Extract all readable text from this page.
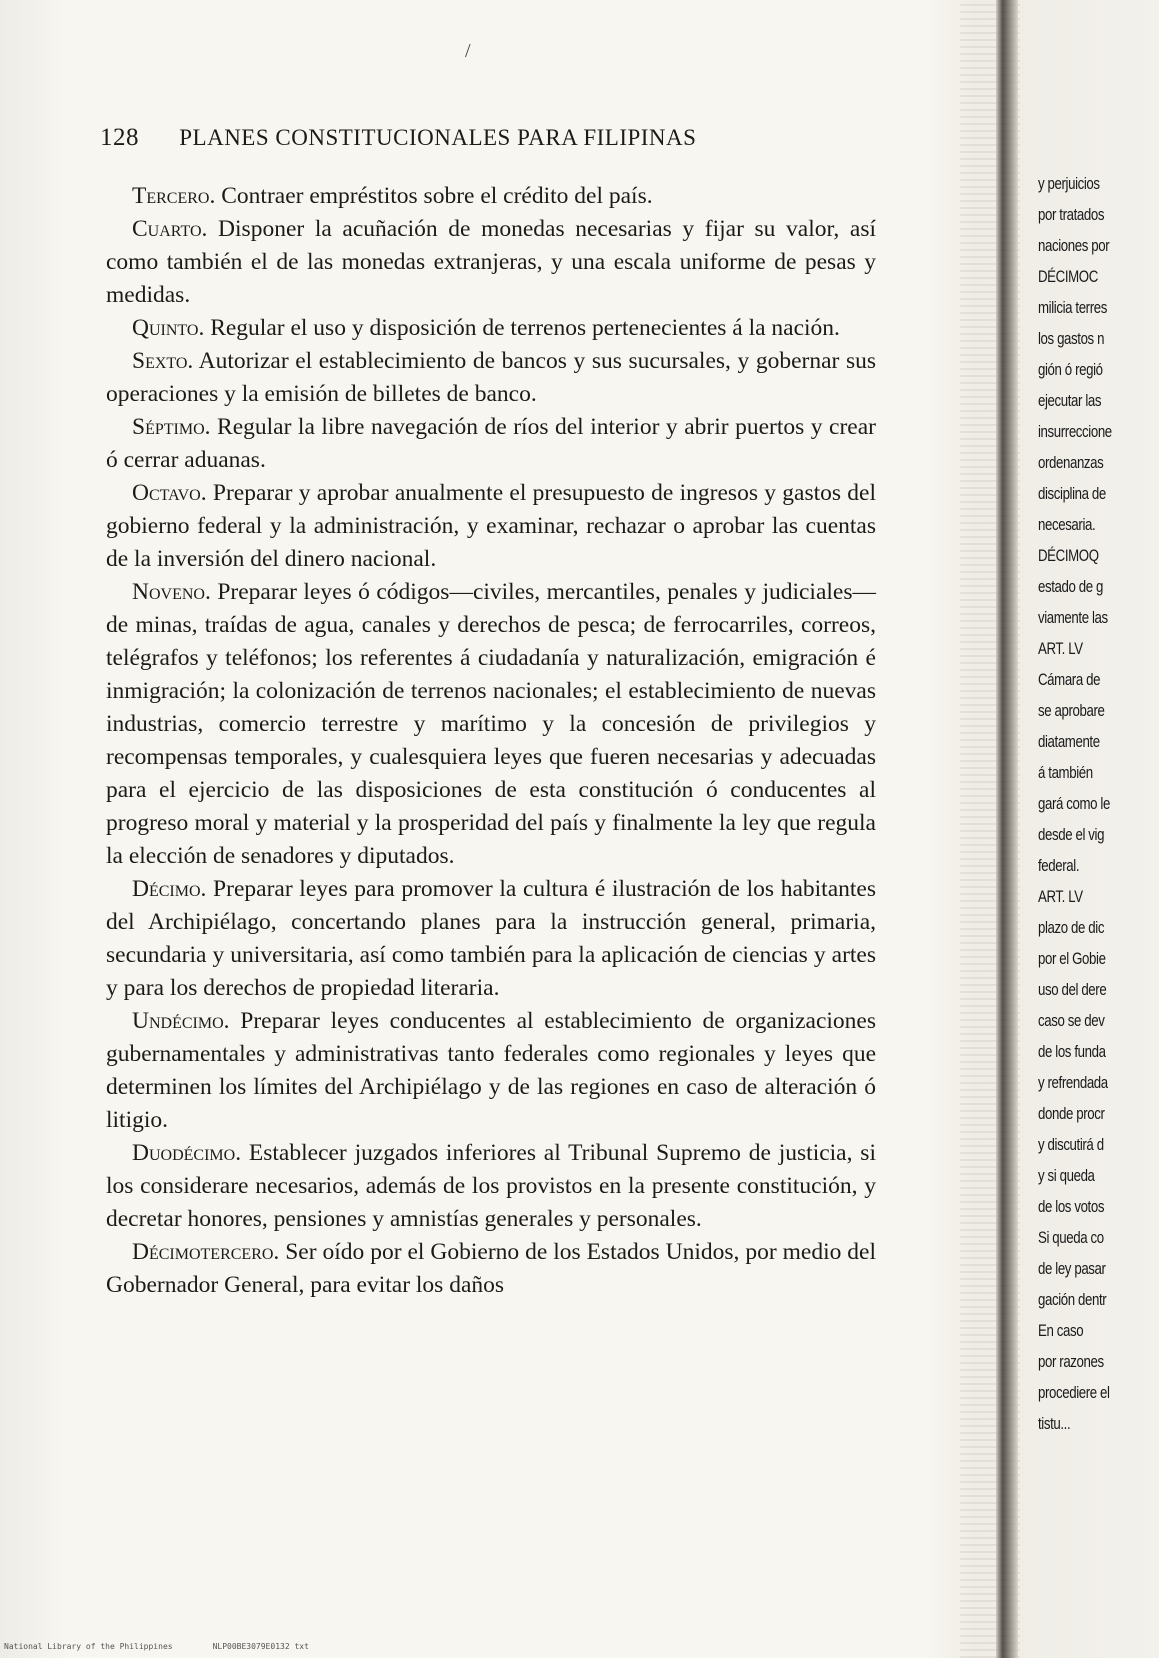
/
128 PLANES CONSTITUCIONALES PARA FILIPINAS

Tercero. Contraer empréstitos sobre el crédito del país.

Cuarto. Disponer la acuñación de monedas necesarias y fijar su valor, así como también el de las monedas extranjeras, y una escala uniforme de pesas y medidas.

Quinto. Regular el uso y disposición de terrenos pertenecientes á la nación.

Sexto. Autorizar el establecimiento de bancos y sus sucursales, y gobernar sus operaciones y la emisión de billetes de banco.

Séptimo. Regular la libre navegación de ríos del interior y abrir puertos y crear ó cerrar aduanas.

Octavo. Preparar y aprobar anualmente el presupuesto de ingresos y gastos del gobierno federal y la administración, y examinar, rechazar o aprobar las cuentas de la inversión del dinero nacional.

Noveno. Preparar leyes ó códigos—civiles, mercantiles, penales y judiciales—de minas, traídas de agua, canales y derechos de pesca; de ferrocarriles, correos, telégrafos y teléfonos; los referentes á ciudadanía y naturalización, emigración é inmigración; la colonización de terrenos nacionales; el establecimiento de nuevas industrias, comercio terrestre y marítimo y la concesión de privilegios y recompensas temporales, y cualesquiera leyes que fueren necesarias y adecuadas para el ejercicio de las disposiciones de esta constitución ó conducentes al progreso moral y material y la prosperidad del país y finalmente la ley que regula la elección de senadores y diputados.

Décimo. Preparar leyes para promover la cultura é ilustración de los habitantes del Archipiélago, concertando planes para la instrucción general, primaria, secundaria y universitaria, así como también para la aplicación de ciencias y artes y para los derechos de propiedad literaria.

Undécimo. Preparar leyes conducentes al establecimiento de organizaciones gubernamentales y administrativas tanto federales como regionales y leyes que determinen los límites del Archipiélago y de las regiones en caso de alteración ó litigio.

Duodécimo. Establecer juzgados inferiores al Tribunal Supremo de justicia, si los considerare necesarios, además de los provistos en la presente constitución, y decretar honores, pensiones y amnistías generales y personales.

Décimotercero. Ser oído por el Gobierno de los Estados Unidos, por medio del Gobernador General, para evitar los daños

y perjuicios
por tratados
naciones por
DÉCIMOC
milicia terres
los gastos n
gión ó regió
ejecutar las
insurreccione
ordenanzas
disciplina de
necesaria.
DÉCIMOQ
estado de g
viamente las
ART. LV
Cámara de
se aprobare
diatamente
á también
gará como le
desde el vig
federal.
ART. LV
plazo de dic
por el Gobie
uso del dere
caso se dev
de los funda
y refrendada
donde procr
y discutirá d
y si queda
de los votos
Si queda co
de ley pasar
gación dentr
En caso
por razones
procediere el
tistu...
National Library of the Philippines	NLP00BE3079E0132 txt
